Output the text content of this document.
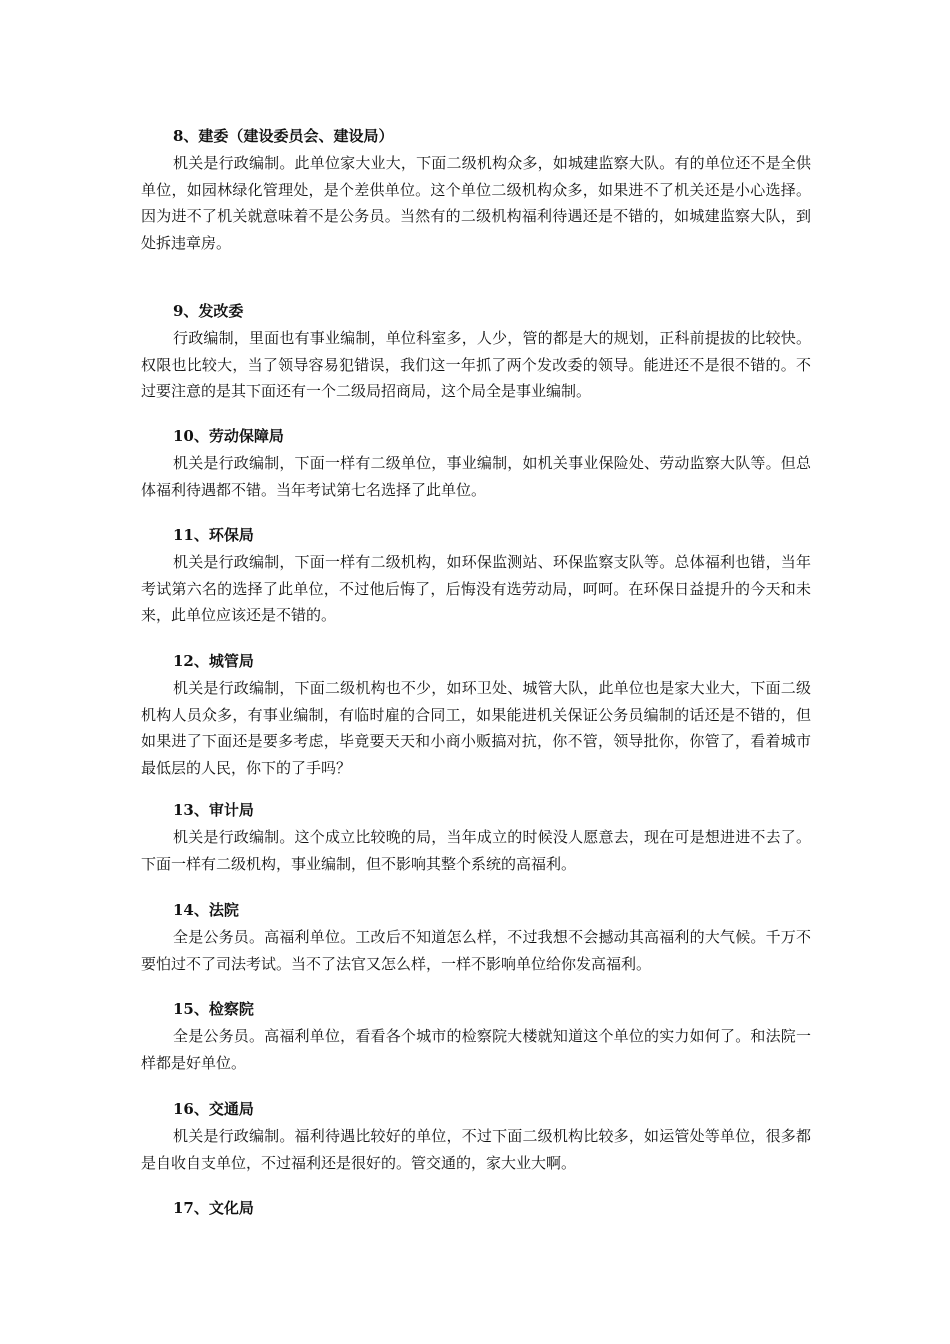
8、建委（建设委员会、建设局）

机关是行政编制。此单位家大业大，下面二级机构众多，如城建监察大队。有的单位还不是全供单位，如园林绿化管理处，是个差供单位。这个单位二级机构众多，如果进不了机关还是小心选择。因为进不了机关就意味着不是公务员。当然有的二级机构福利待遇还是不错的，如城建监察大队，到处拆违章房。

9、发改委

行政编制，里面也有事业编制，单位科室多，人少，管的都是大的规划，正科前提拔的比较快。权限也比较大，当了领导容易犯错误，我们这一年抓了两个发改委的领导。能进还不是很不错的。不过要注意的是其下面还有一个二级局招商局，这个局全是事业编制。

10、劳动保障局

机关是行政编制，下面一样有二级单位，事业编制，如机关事业保险处、劳动监察大队等。但总体福利待遇都不错。当年考试第七名选择了此单位。

11、环保局

机关是行政编制，下面一样有二级机构，如环保监测站、环保监察支队等。总体福利也错，当年考试第六名的选择了此单位，不过他后悔了，后悔没有选劳动局，呵呵。在环保日益提升的今天和未来，此单位应该还是不错的。

12、城管局

机关是行政编制，下面二级机构也不少，如环卫处、城管大队，此单位也是家大业大，下面二级机构人员众多，有事业编制，有临时雇的合同工，如果能进机关保证公务员编制的话还是不错的，但如果进了下面还是要多考虑，毕竟要天天和小商小贩搞对抗，你不管，领导批你，你管了，看着城市最低层的人民，你下的了手吗？

13、审计局

机关是行政编制。这个成立比较晚的局，当年成立的时候没人愿意去，现在可是想进进不去了。下面一样有二级机构，事业编制，但不影响其整个系统的高福利。

14、法院

全是公务员。高福利单位。工改后不知道怎么样，不过我想不会撼动其高福利的大气候。千万不要怕过不了司法考试。当不了法官又怎么样，一样不影响单位给你发高福利。

15、检察院

全是公务员。高福利单位，看看各个城市的检察院大楼就知道这个单位的实力如何了。和法院一样都是好单位。

16、交通局

机关是行政编制。福利待遇比较好的单位，不过下面二级机构比较多，如运管处等单位，很多都是自收自支单位，不过福利还是很好的。管交通的，家大业大啊。

17、文化局
